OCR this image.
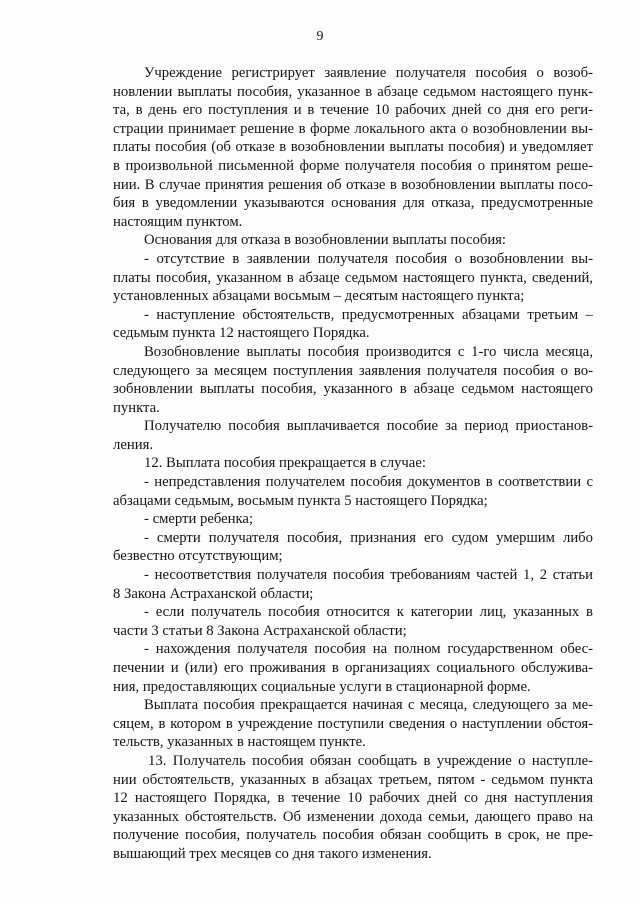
9
Учреждение регистрирует заявление получателя пособия о возоб-
новлении выплаты пособия, указанное в абзаце седьмом настоящего пунк-
та, в день его поступления и в течение 10 рабочих дней со дня его реги-
страции принимает решение в форме локального акта о возобновлении вы-
платы пособия (об отказе в возобновлении выплаты пособия) и уведомляет
в произвольной письменной форме получателя пособия о принятом реше-
нии. В случае принятия решения об отказе в возобновлении выплаты посо-
бия в уведомлении указываются основания для отказа, предусмотренные
настоящим пунктом.
Основания для отказа в возобновлении выплаты пособия:
- отсутствие в заявлении получателя пособия о возобновлении вы-
платы пособия, указанном в абзаце седьмом настоящего пункта, сведений,
установленных абзацами восьмым – десятым настоящего пункта;
- наступление обстоятельств, предусмотренных абзацами третьим –
седьмым пункта 12 настоящего Порядка.
Возобновление выплаты пособия производится с 1-го числа месяца,
следующего за месяцем поступления заявления получателя пособия о во-
зобновлении выплаты пособия, указанного в абзаце седьмом настоящего
пункта.
Получателю пособия выплачивается пособие за период приостанов-
ления.
12. Выплата пособия прекращается в случае:
- непредставления получателем пособия документов в соответствии с
абзацами седьмым, восьмым пункта 5 настоящего Порядка;
- смерти ребенка;
- смерти получателя пособия, признания его судом умершим либо
безвестно отсутствующим;
- несоответствия получателя пособия требованиям частей 1, 2 статьи
8 Закона Астраханской области;
- если получатель пособия относится к категории лиц, указанных в
части 3 статьи 8 Закона Астраханской области;
- нахождения получателя пособия на полном государственном обес-
печении и (или) его проживания в организациях социального обслужива-
ния, предоставляющих социальные услуги в стационарной форме.
Выплата пособия прекращается начиная с месяца, следующего за ме-
сяцем, в котором в учреждение поступили сведения о наступлении обстоя-
тельств, указанных в настоящем пункте.
13. Получатель пособия обязан сообщать в учреждение о наступле-
нии обстоятельств, указанных в абзацах третьем, пятом - седьмом пункта
12 настоящего Порядка, в течение 10 рабочих дней со дня наступления
указанных обстоятельств. Об изменении дохода семьи, дающего право на
получение пособия, получатель пособия обязан сообщить в срок, не пре-
вышающий трех месяцев со дня такого изменения.
